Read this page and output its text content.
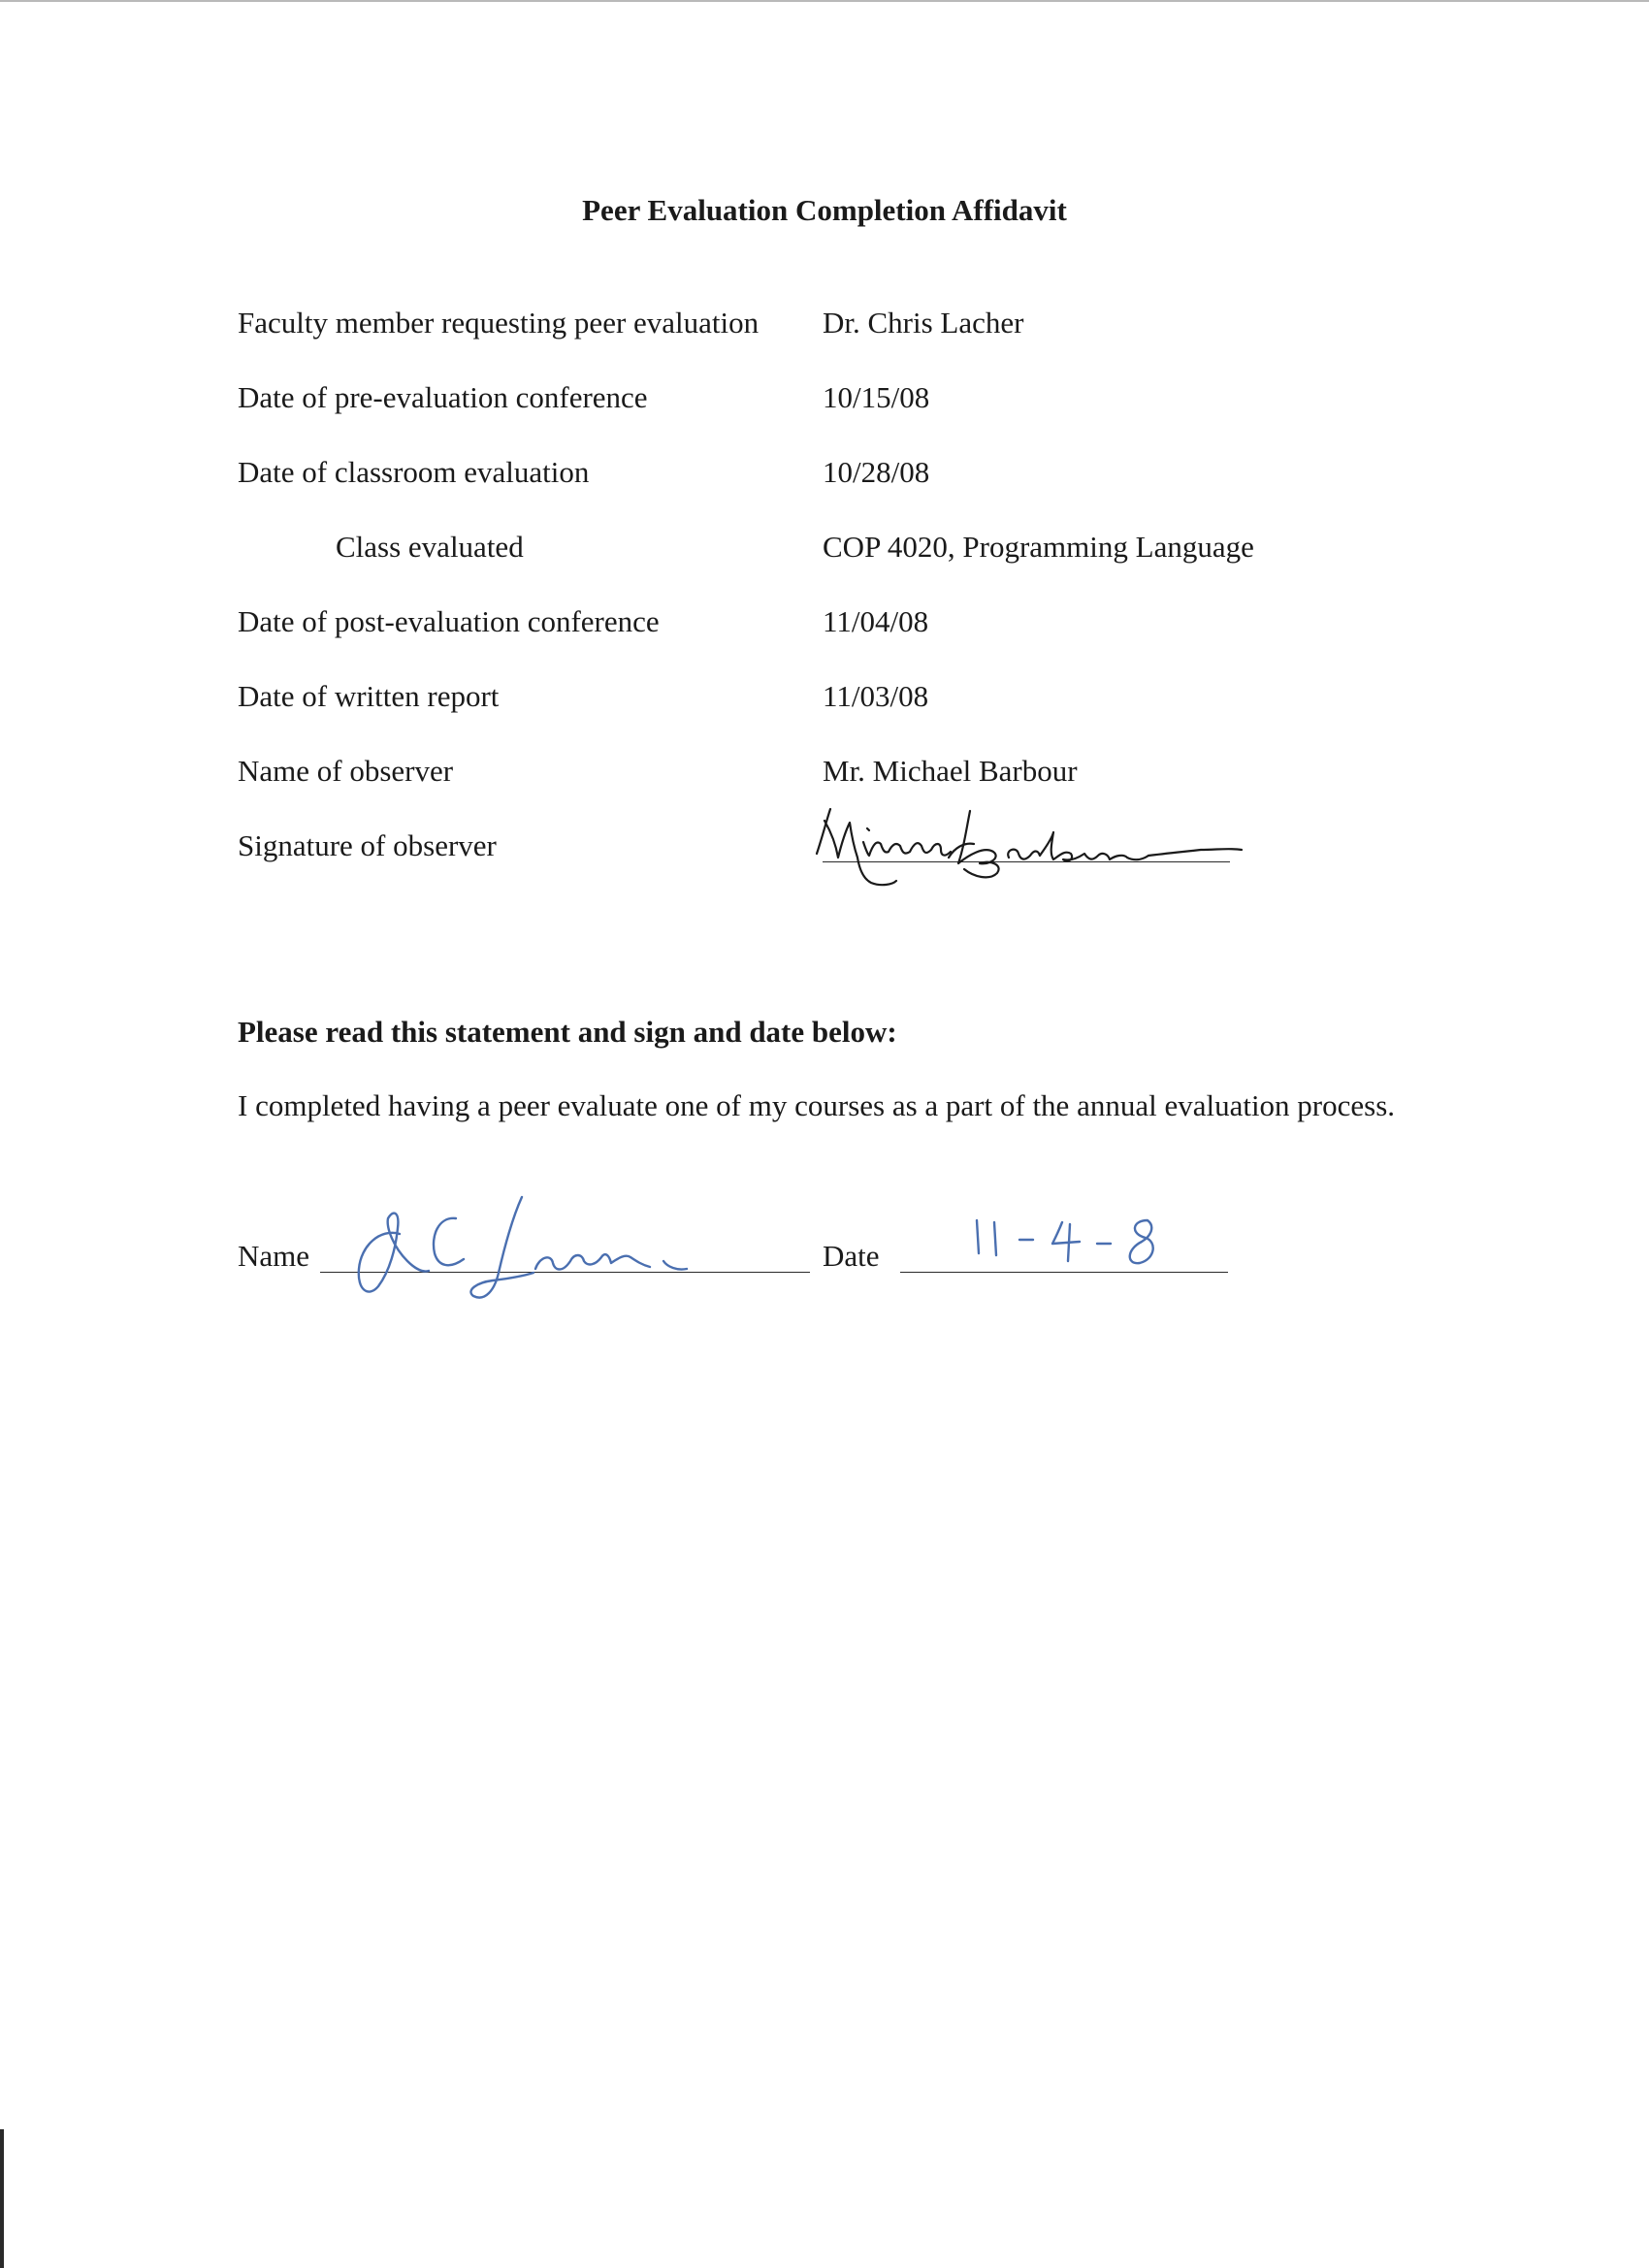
Peer Evaluation Completion Affidavit
Faculty member requesting peer evaluation Dr. Chris Lacher
Date of pre-evaluation conference	10/15/08
Date of classroom evaluation	10/28/08
Class evaluated	COP 4020, Programming Language
Date of post-evaluation conference	11/04/08
Date of written report	11/03/08
Name of observer	Mr. Michael Barbour
Signature of observer
Please read this statement and sign and date below:
I completed having a peer evaluate one of my courses as a part of the annual evaluation process.
Name	Date
